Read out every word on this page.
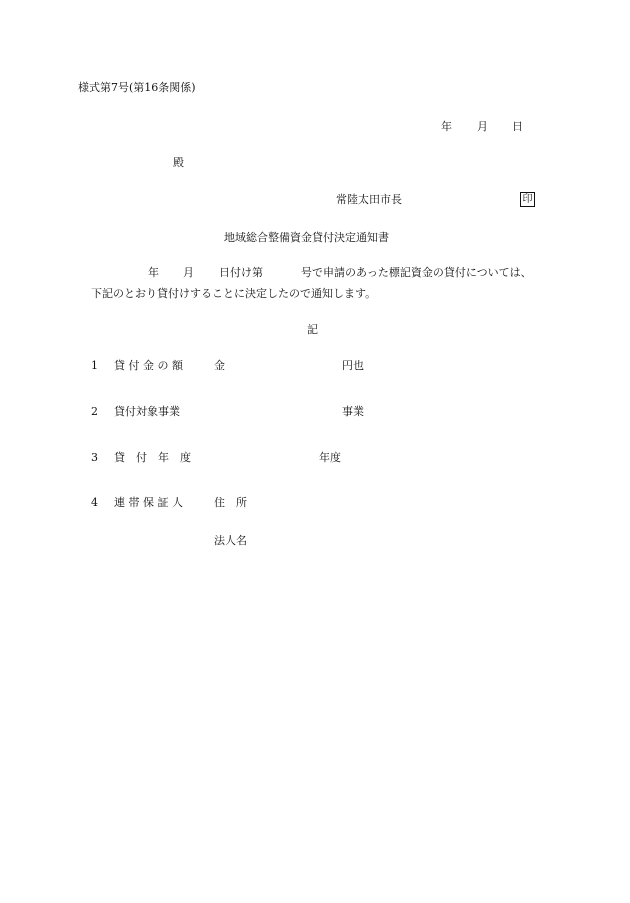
様式第7号(第16条関係)
年 月 日
殿
常陸太田市長	印
地域総合整備資金貸付決定通知書
年 月 日付け第	号で申請のあった標記資金の貸付については、
下記のとおり貸付けすることに決定したので通知します。
記
1 貸 付 金 の 額	金	円也
2 貸付対象事業	事業
3 貸　付　年　度	年度
4 連 帯 保 証 人	住　所
法人名
